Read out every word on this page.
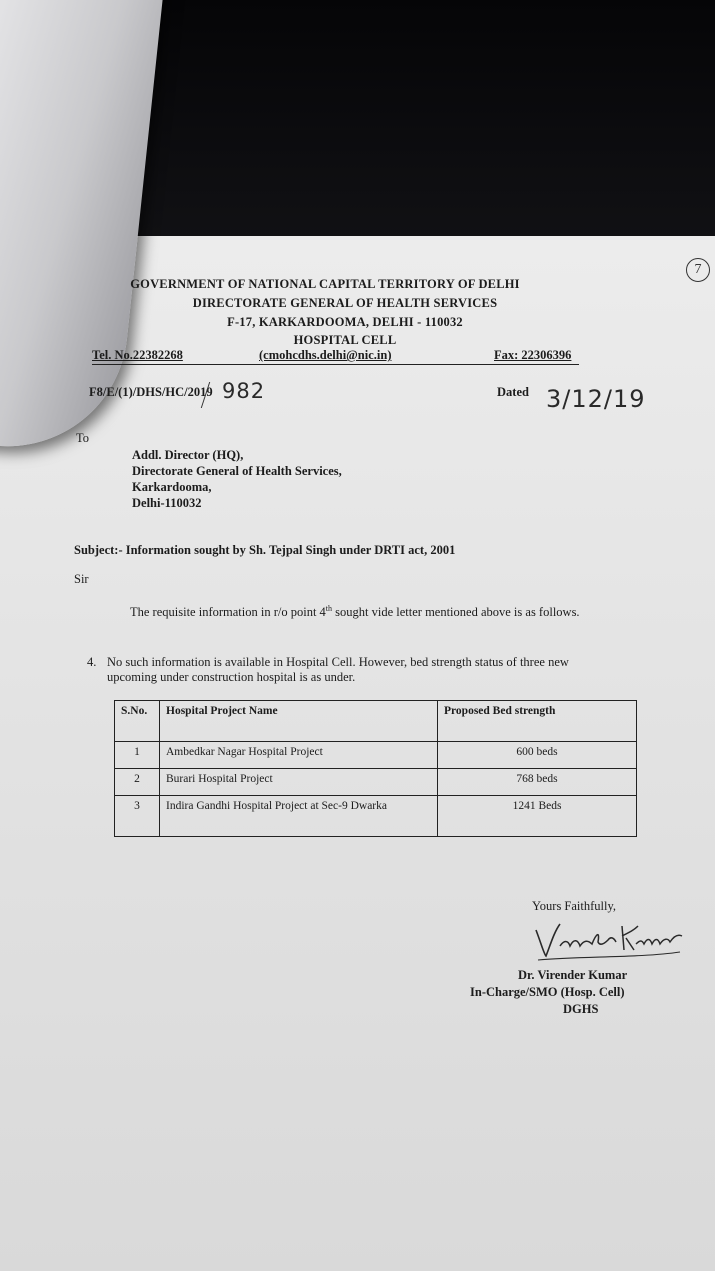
7
GOVERNMENT OF NATIONAL CAPITAL TERRITORY OF DELHI
DIRECTORATE GENERAL OF HEALTH SERVICES
F-17, KARKARDOOMA, DELHI - 110032
HOSPITAL CELL
Tel. No.22382268	(cmohcdhs.delhi@nic.in)	Fax: 22306396
F8/E/(1)/DHS/HC/2019 982	Dated 3/12/19
To
Addl. Director (HQ),
Directorate General of Health Services,
Karkardooma,
Delhi-110032
Subject:- Information sought by Sh. Tejpal Singh under DRTI act, 2001
Sir
The requisite information in r/o point 4th sought vide letter mentioned above is as follows.
4. No such information is available in Hospital Cell. However, bed strength status of three new
upcoming under construction hospital is as under.
S.No.	Hospital Project Name	Proposed Bed strength
1	Ambedkar Nagar Hospital Project	600 beds
2	Burari Hospital Project	768 beds
3	Indira Gandhi Hospital Project at Sec-9 Dwarka	1241 Beds
Yours Faithfully,
Dr. Virender Kumar
In-Charge/SMO (Hosp. Cell)
DGHS
